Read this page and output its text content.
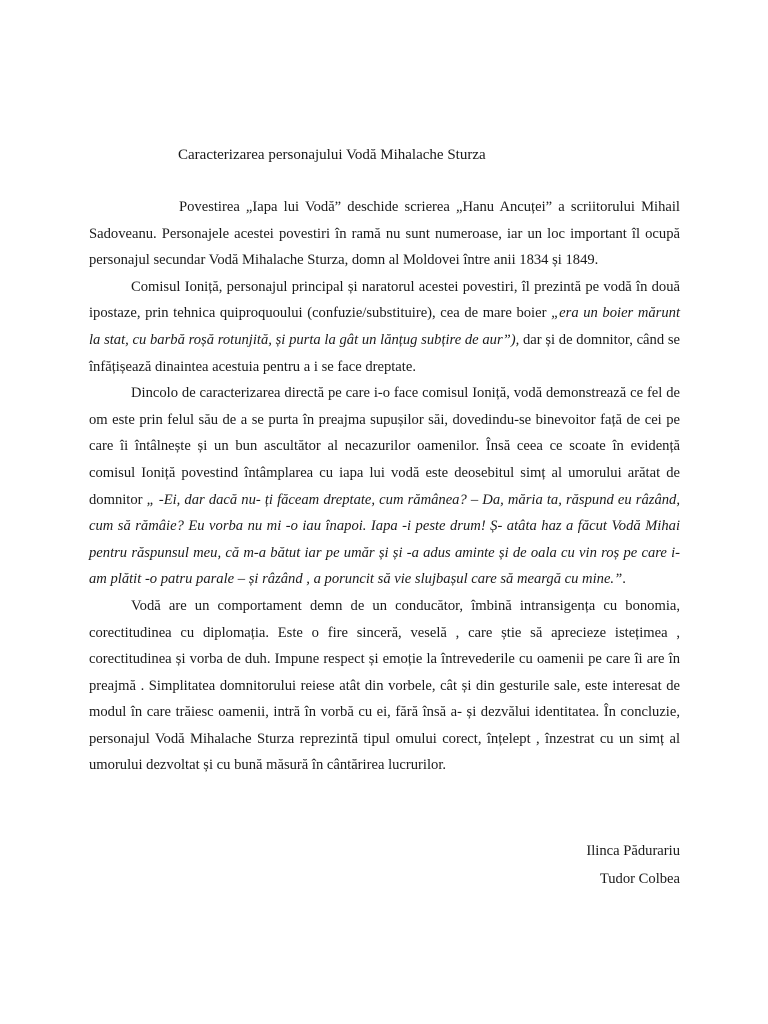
Caracterizarea personajului Vodă Mihalache Sturza

Povestirea „Iapa lui Vodă” deschide scrierea „Hanu Ancuței” a scriitorului Mihail Sadoveanu. Personajele acestei povestiri în ramă nu sunt numeroase, iar un loc important îl ocupă personajul secundar Vodă Mihalache Sturza, domn al Moldovei între anii 1834 și 1849.

Comisul Ioniță, personajul principal și naratorul acestei povestiri, îl prezintă pe vodă în două ipostaze, prin tehnica quiproquoului (confuzie/substituire), cea de mare boier „era un boier mărunt la stat, cu barbă roșă rotunjită, și purta la gât un lănțug subțire de aur”), dar și de domnitor, când se înfățișează dinaintea acestuia pentru a i se face dreptate.

Dincolo de caracterizarea directă pe care i-o face comisul Ioniță, vodă demonstrează ce fel de om este prin felul său de a se purta în preajma supușilor săi, dovedindu-se binevoitor față de cei pe care îi întâlnește și un bun ascultător al necazurilor oamenilor. Însă ceea ce scoate în evidență comisul Ioniță povestind întâmplarea cu iapa lui vodă este deosebitul simț al umorului arătat de domnitor „ -Ei, dar dacă nu- ți făceam dreptate, cum rămânea? – Da, măria ta, răspund eu râzând, cum să rămâie? Eu vorba nu mi -o iau înapoi. Iapa -i peste drum! Ș- atâta haz a făcut Vodă Mihai pentru răspunsul meu, că m-a bătut iar pe umăr și și -a adus aminte și de oala cu vin roș pe care i-am plătit -o patru parale – și râzând , a poruncit să vie slujbașul care să meargă cu mine.”.

Vodă are un comportament demn de un conducător, îmbină intransigența cu bonomia, corectitudinea cu diplomația. Este o fire sinceră, veselă , care știe să aprecieze istețimea , corectitudinea și vorba de duh. Impune respect și emoție la întrevederile cu oamenii pe care îi are în preajmă . Simplitatea domnitorului reiese atât din vorbele, cât și din gesturile sale, este interesat de modul în care trăiesc oamenii, intră în vorbă cu ei, fără însă a- și dezvălui identitatea. În concluzie, personajul Vodă Mihalache Sturza reprezintă tipul omului corect, înțelept , înzestrat cu un simț al umorului dezvoltat și cu bună măsură în cântărirea lucrurilor.

Ilinca Pădurariu
Tudor Colbea
